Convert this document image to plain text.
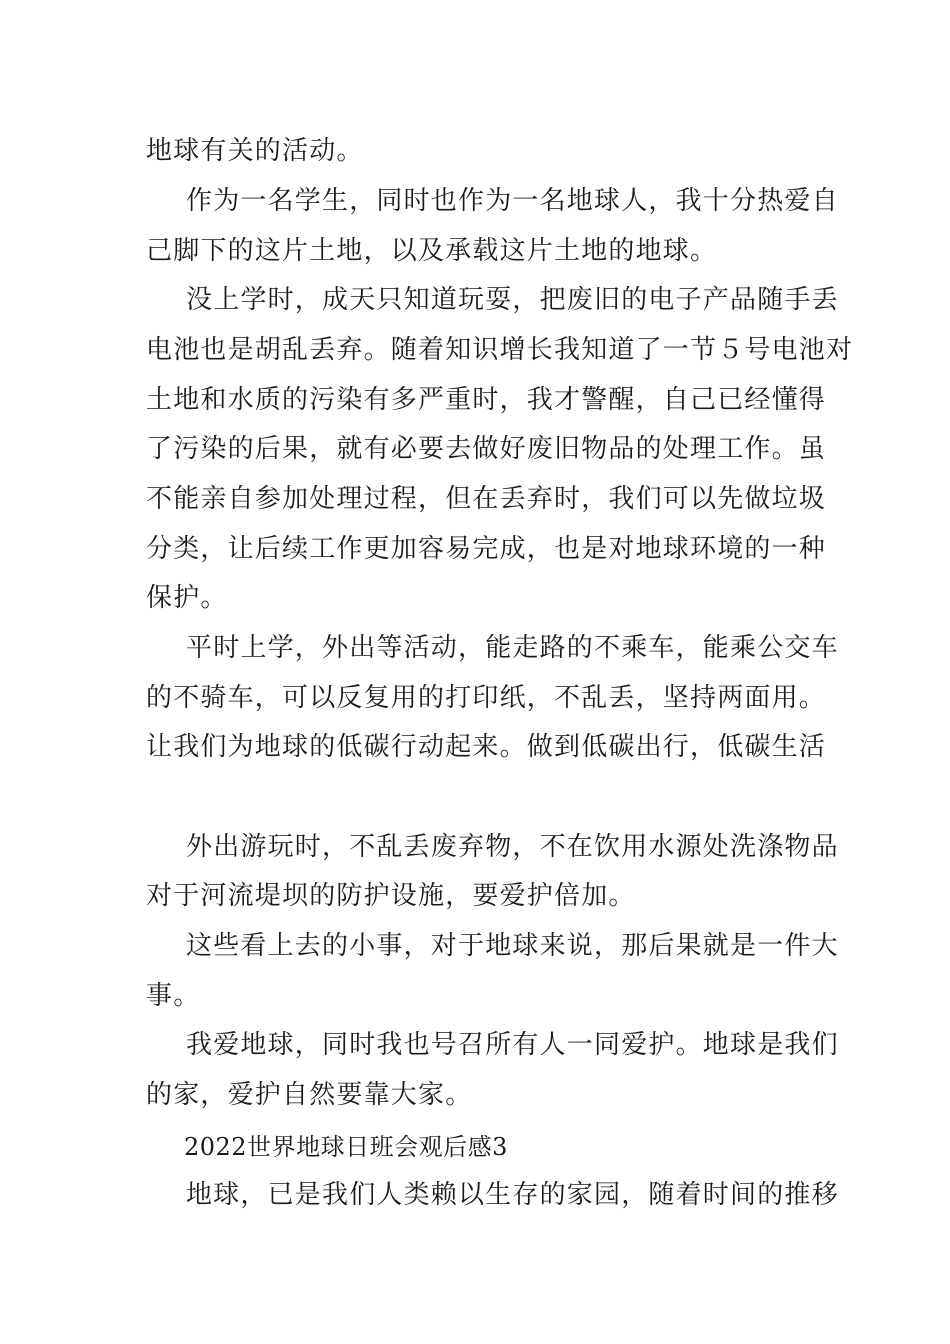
地球有关的活动。
作为一名学生，同时也作为一名地球人，我十分热爱自
己脚下的这片土地，以及承载这片土地的地球。
没上学时，成天只知道玩耍，把废旧的电子产品随手丢
电池也是胡乱丢弃。随着知识增长我知道了一节５号电池对
土地和水质的污染有多严重时，我才警醒，自己已经懂得
了污染的后果，就有必要去做好废旧物品的处理工作。虽
不能亲自参加处理过程，但在丢弃时，我们可以先做垃圾
分类，让后续工作更加容易完成，也是对地球环境的一种
保护。
平时上学，外出等活动，能走路的不乘车，能乘公交车
的不骑车，可以反复用的打印纸，不乱丢，坚持两面用。
让我们为地球的低碳行动起来。做到低碳出行，低碳生活
外出游玩时，不乱丢废弃物，不在饮用水源处洗涤物品
对于河流堤坝的防护设施，要爱护倍加。
这些看上去的小事，对于地球来说，那后果就是一件大
事。
我爱地球，同时我也号召所有人一同爱护。地球是我们
的家，爱护自然要靠大家。
2022世界地球日班会观后感3
地球，已是我们人类赖以生存的家园，随着时间的推移
